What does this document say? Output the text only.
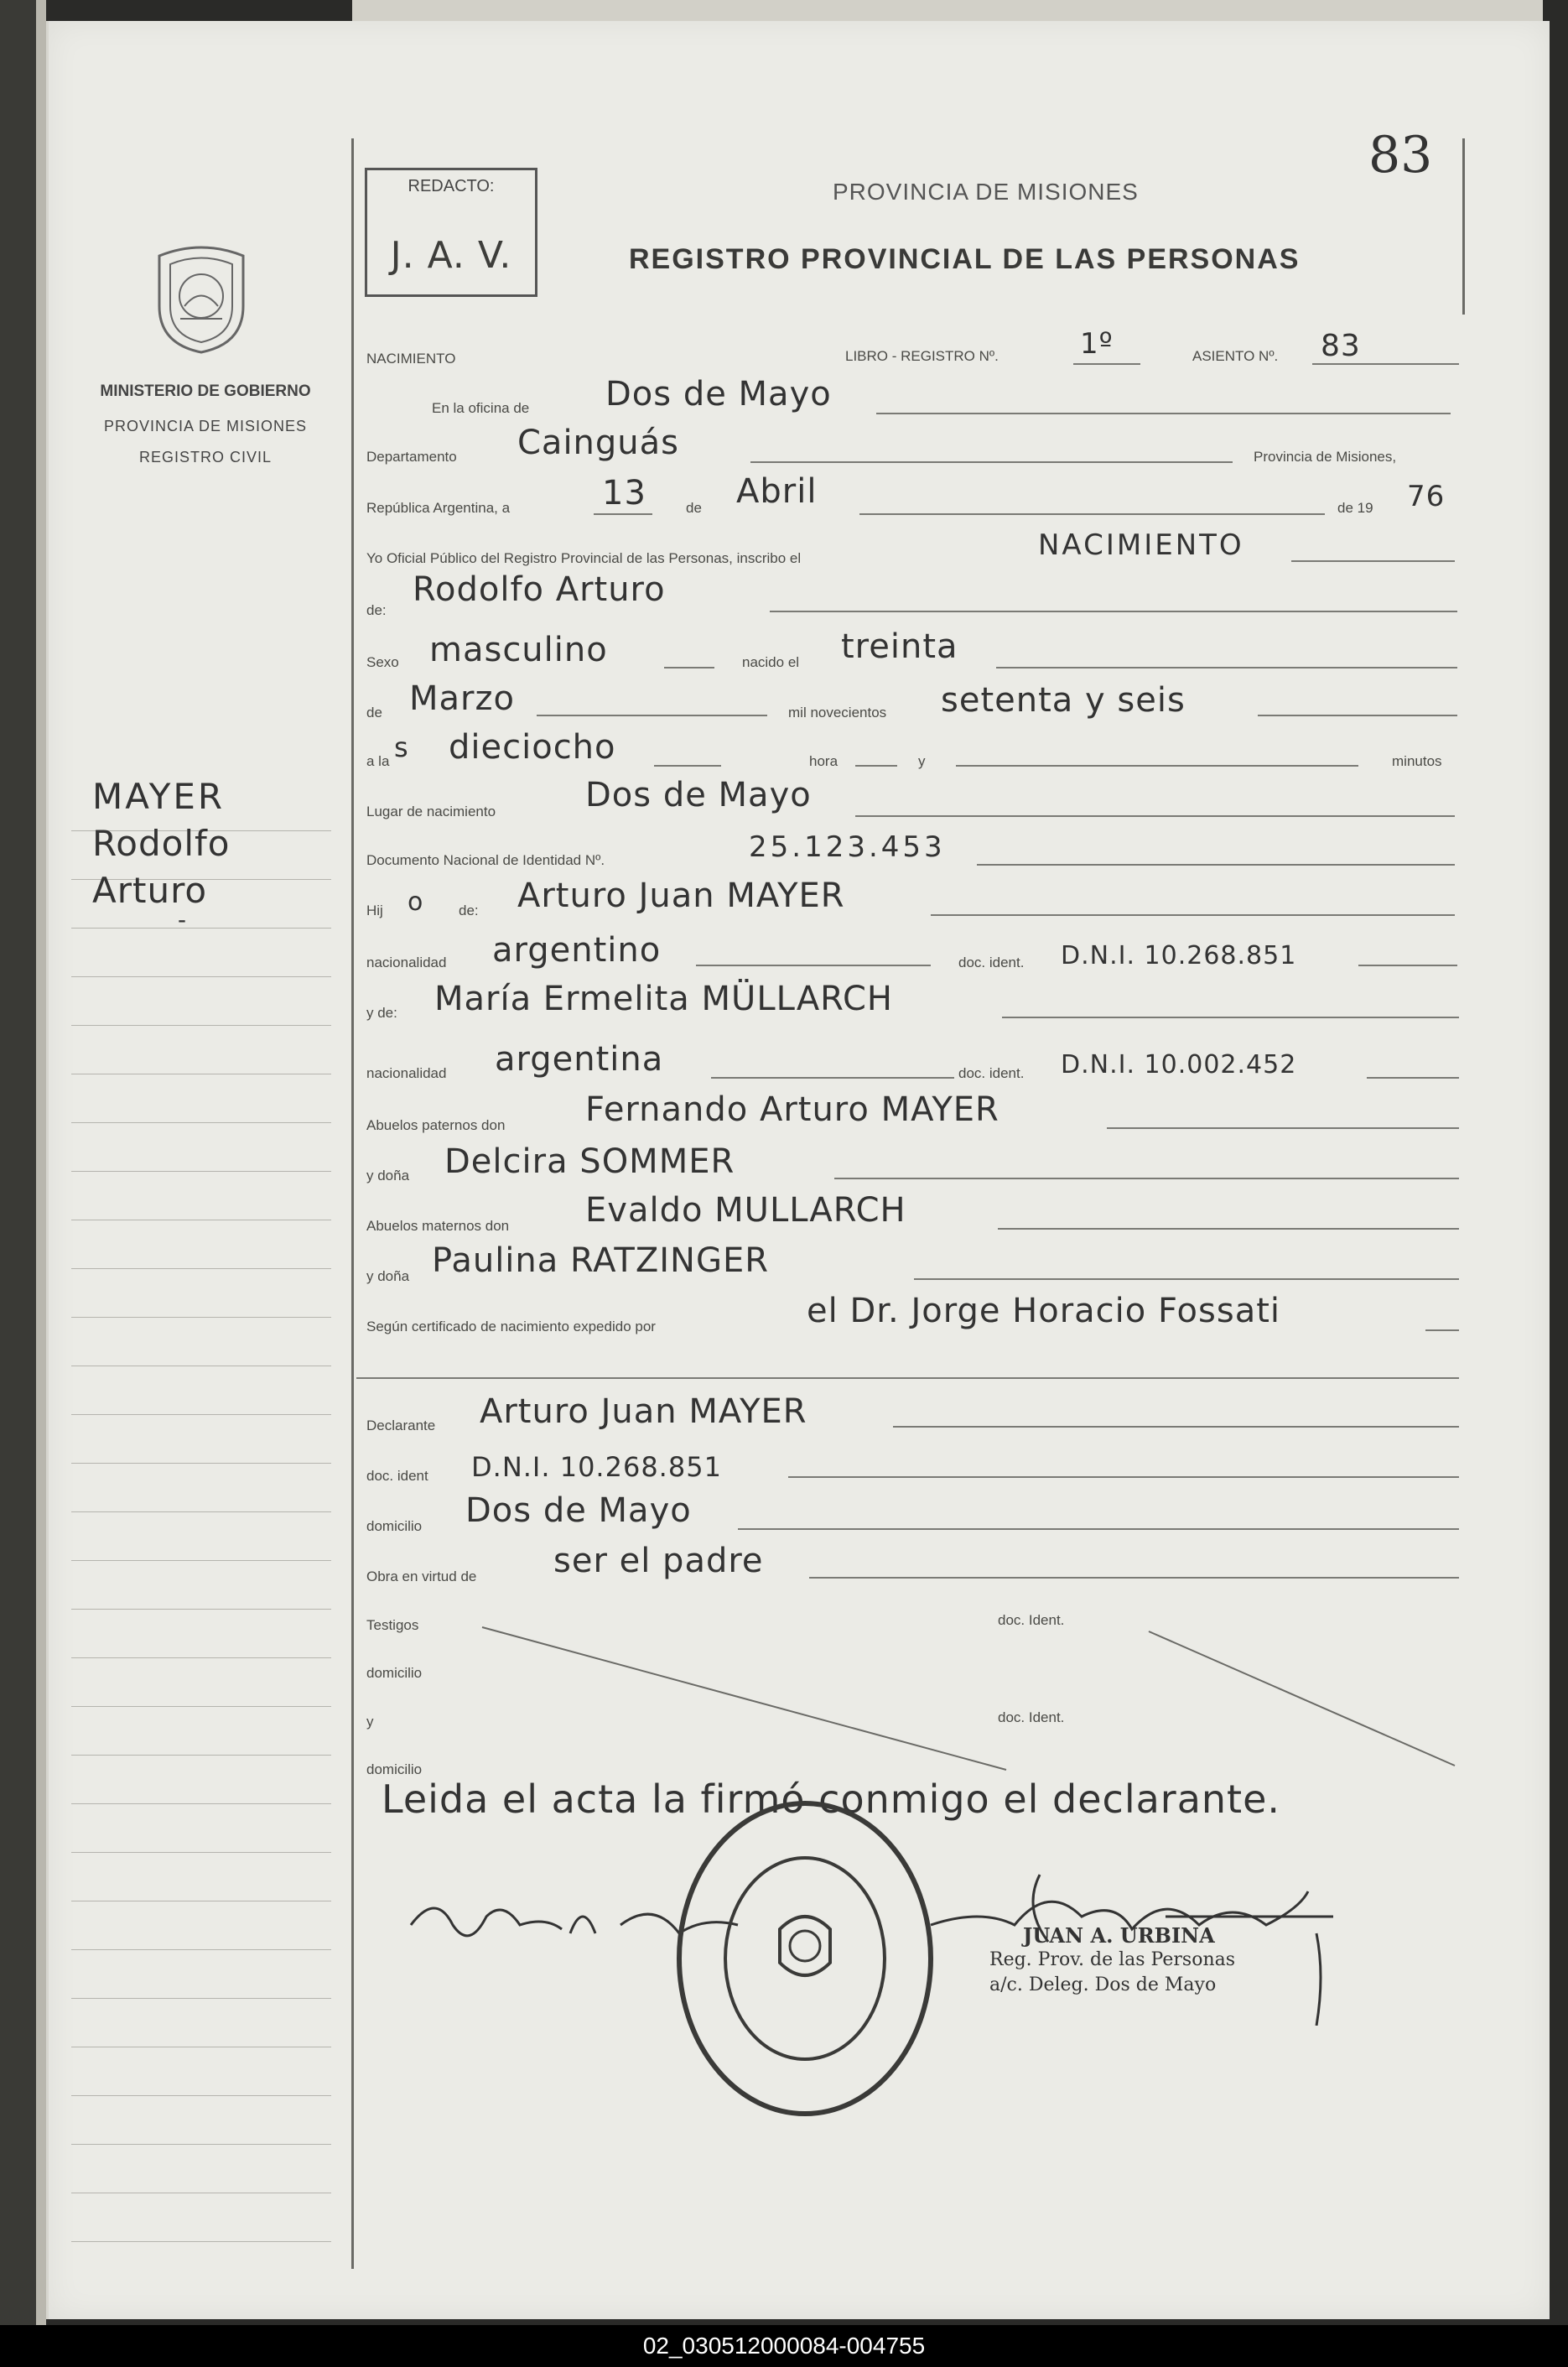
83
REDACTO:
J. A. V.
PROVINCIA DE MISIONES
REGISTRO PROVINCIAL DE LAS PERSONAS
MINISTERIO DE GOBIERNO
PROVINCIA DE MISIONES
REGISTRO CIVIL
MAYER
Rodolfo
Arturo
-
NACIMIENTO	LIBRO - REGISTRO Nº.	1º	ASIENTO Nº. 83
En la oficina de Dos de Mayo
Departamento Cainguás	Provincia de Misiones,
República Argentina, a	13	de Abril	de 19 76
Yo Oficial Público del Registro Provincial de las Personas, inscribo el	NACIMIENTO
de:
Rodolfo Arturo
Sexo masculino	nacido el treinta
de Marzo	mil novecientos setenta y seis
a la s dieciocho	hora	y	minutos
Lugar de nacimiento	Dos de Mayo
Documento Nacional de Identidad Nº.	25.123.453
Hij o de: Arturo Juan MAYER
nacionalidad argentino	doc. ident. D.N.I. 10.268.851
y de: María Ermelita MÜLLARCH
nacionalidad argentina	doc. ident. D.N.I. 10.002.452
Abuelos paternos don Fernando Arturo MAYER
y doña Delcira SOMMER
Abuelos maternos don Evaldo MULLARCH
y doña Paulina RATZINGER
Según certificado de nacimiento expedido por	el Dr. Jorge Horacio Fossati
Declarante Arturo Juan MAYER
doc. ident D.N.I. 10.268.851
domicilio Dos de Mayo
Obra en virtud de ser el padre
Testigos	doc. Ident.
domicilio
y	doc. Ident.
domicilio
Leida el acta la firmó conmigo el declarante.
JUAN A. URBINA
Reg. Prov. de las Personas
a/c. Deleg. Dos de Mayo
02_030512000084-004755
